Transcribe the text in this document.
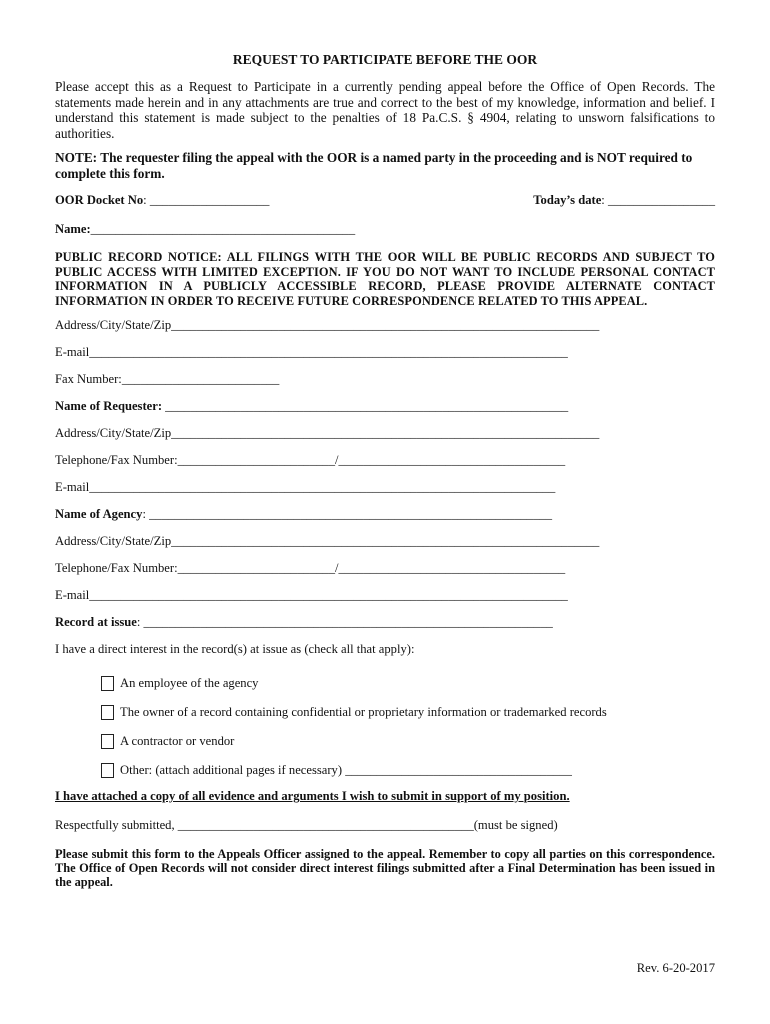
REQUEST TO PARTICIPATE BEFORE THE OOR

Please accept this as a Request to Participate in a currently pending appeal before the Office of Open Records. The statements made herein and in any attachments are true and correct to the best of my knowledge, information and belief. I understand this statement is made subject to the penalties of 18 Pa.C.S. § 4904, relating to unsworn falsifications to authorities.

NOTE: The requester filing the appeal with the OOR is a named party in the proceeding and is NOT required to complete this form.

OOR Docket No: ___________________	Today’s date: _________________
Name:__________________________________________

PUBLIC RECORD NOTICE: ALL FILINGS WITH THE OOR WILL BE PUBLIC RECORDS AND SUBJECT TO PUBLIC ACCESS WITH LIMITED EXCEPTION. IF YOU DO NOT WANT TO INCLUDE PERSONAL CONTACT INFORMATION IN A PUBLICLY ACCESSIBLE RECORD, PLEASE PROVIDE ALTERNATE CONTACT INFORMATION IN ORDER TO RECEIVE FUTURE CORRESPONDENCE RELATED TO THIS APPEAL.

Address/City/State/Zip____________________________________________________________________
E-mail____________________________________________________________________________
Fax Number:_________________________
Name of Requester: ________________________________________________________________
Address/City/State/Zip____________________________________________________________________
Telephone/Fax Number:_________________________/____________________________________
E-mail__________________________________________________________________________
Name of Agency: ________________________________________________________________
Address/City/State/Zip____________________________________________________________________
Telephone/Fax Number:_________________________/____________________________________
E-mail____________________________________________________________________________
Record at issue: _________________________________________________________________
I have a direct interest in the record(s) at issue as (check all that apply):
An employee of the agency
The owner of a record containing confidential or proprietary information or trademarked records
A contractor or vendor
Other: (attach additional pages if necessary) ____________________________________
I have attached a copy of all evidence and arguments I wish to submit in support of my position.
Respectfully submitted, _______________________________________________(must be signed)

Please submit this form to the Appeals Officer assigned to the appeal. Remember to copy all parties on this correspondence. The Office of Open Records will not consider direct interest filings submitted after a Final Determination has been issued in the appeal.

Rev. 6-20-2017
